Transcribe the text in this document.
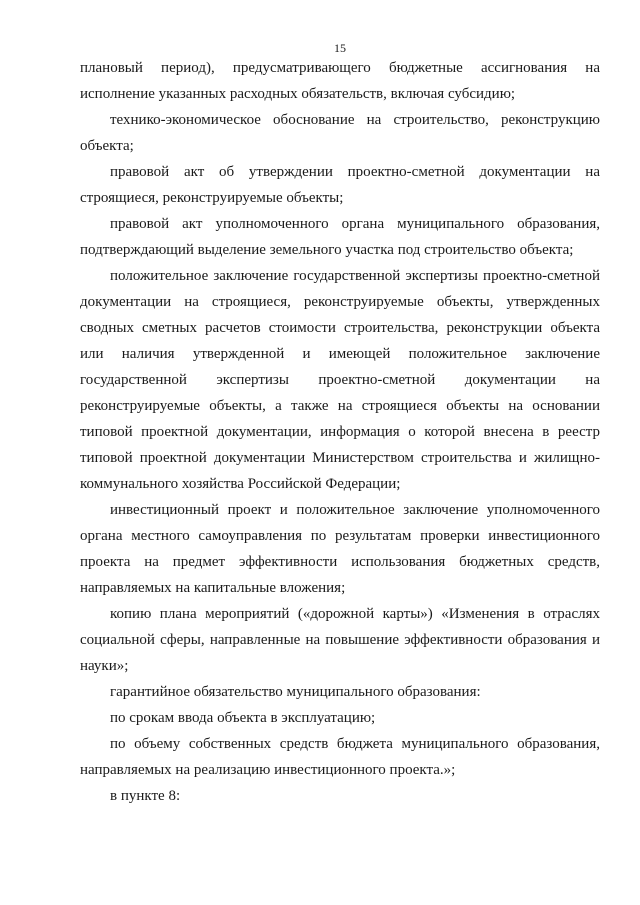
15

плановый период), предусматривающего бюджетные ассигнования на исполнение указанных расходных обязательств, включая субсидию;

технико-экономическое обоснование на строительство, реконструкцию объекта;

правовой акт об утверждении проектно-сметной документации на строящиеся, реконструируемые объекты;

правовой акт уполномоченного органа муниципального образования, подтверждающий выделение земельного участка под строительство объекта;

положительное заключение государственной экспертизы проектно-сметной документации на строящиеся, реконструируемые объекты, утвержденных сводных сметных расчетов стоимости строительства, реконструкции объекта или наличия утвержденной и имеющей положительное заключение государственной экспертизы проектно-сметной документации на реконструируемые объекты, а также на строящиеся объекты на основании типовой проектной документации, информация о которой внесена в реестр типовой проектной документации Министерством строительства и жилищно-коммунального хозяйства Российской Федерации;

инвестиционный проект и положительное заключение уполномоченного органа местного самоуправления по результатам проверки инвестиционного проекта на предмет эффективности использования бюджетных средств, направляемых на капитальные вложения;

копию плана мероприятий («дорожной карты») «Изменения в отраслях социальной сферы, направленные на повышение эффективности образования и науки»;

гарантийное обязательство муниципального образования:

по срокам ввода объекта в эксплуатацию;

по объему собственных средств бюджета муниципального образования, направляемых на реализацию инвестиционного проекта.»;

в пункте 8:
